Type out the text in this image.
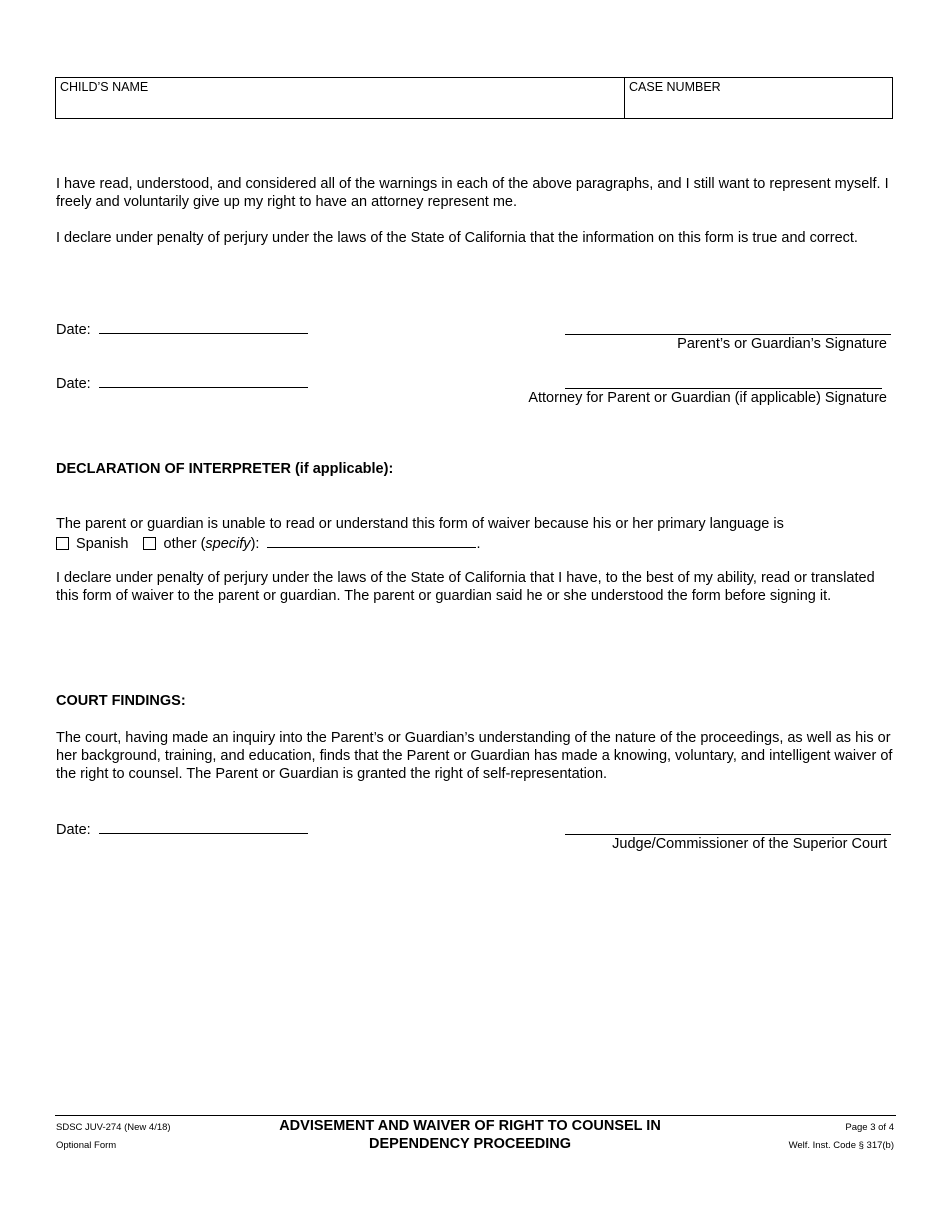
CHILD’S NAME	CASE NUMBER
I have read, understood, and considered all of the warnings in each of the above paragraphs, and I still want to represent myself. I freely and voluntarily give up my right to have an attorney represent me.
I declare under penalty of perjury under the laws of the State of California that the information on this form is true and correct.
Date:
Parent’s or Guardian’s Signature
Date:
Attorney for Parent or Guardian (if applicable) Signature
DECLARATION OF INTERPRETER (if applicable):
The parent or guardian is unable to read or understand this form of waiver because his or her primary language is
Spanish other (specify):	.
I declare under penalty of perjury under the laws of the State of California that I have, to the best of my ability, read or translated this form of waiver to the parent or guardian. The parent or guardian said he or she understood the form before signing it.
COURT FINDINGS:
The court, having made an inquiry into the Parent’s or Guardian’s understanding of the nature of the proceedings, as well as his or her background, training, and education, finds that the Parent or Guardian has made a knowing, voluntary, and intelligent waiver of the right to counsel. The Parent or Guardian is granted the right of self-representation.
Date:
Judge/Commissioner of the Superior Court
SDSC JUV-274 (New 4/18)
Optional Form
ADVISEMENT AND WAIVER OF RIGHT TO COUNSEL IN
DEPENDENCY PROCEEDING
Page 3 of 4
Welf. Inst. Code § 317(b)
